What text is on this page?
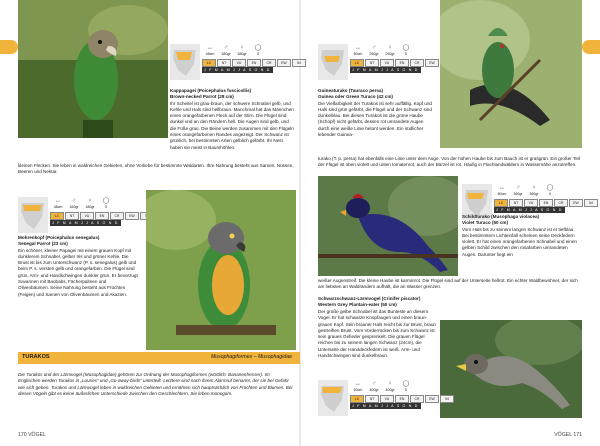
↔
48cm
♂
380gr
♀
380gr
◯
0
LC	NT	VU	EN	CR	EW	54
J F M A M J J A S O N D

Kappapagei (Poicephalus fuscicollis)

Brown-necked Parrot (28 cm)

Ihr Scheitel ist grau-braun, der schwere Schnabel gelb, und Kehle und Hals sind hellbraun. Manchmal hat das Männchen einen orangefarbenen Fleck auf der Stirn. Die Flügel sind dunkel und an den Rändern hell. Die Augen sind gelb, und die Füße grau. Die Beine werden zusammen mit den Flügeln eines orangefarbenen Randes angezeigt. Der Schwanz ist grünlich, bei bestimmten Arten gelblich gefärbt. Ihr Nest haben sie meist in Baumhöhlen.

kleinen Flecken. Sie leben in waldreichen Gebieten, ohne Vorliebe für bestimmte Waldarten. Ihre Nahrung besteht aus Samen, Nüssen, Beeren und Nektar.

↔
38cm
♂
160gr
♀
180gr
◯
0
LC	NT	VU	EN	CR	EW
J F M A M J J A S O N D

Mohrenkopf (Poicephalus senegalus)

Senegal Parrot (23 cm)

Ein schöner, kleiner Papagei mit einem grauen Kopf mit dunklerem Schnabel, gelber Iris und grüner Kehle. Die Brust ist bis zum Unterschwanz (P. s. senegalus) gelb und beim P. s. versteri gelb und orangefarben. Die Flügel sind grün, Arm- und Handschwingen dunkler grün. Er bevorzugt Savannen mit Baobabs, Fächerpalmen und Olivenbäumen. Seine Nahrung besteht aus Früchten (Feigen) und Samen von Olivenbäumen und Akazien.

TURAKOS	Musophagiformes – Musophagidae
Die Turakos und der Lärmvogel (Musophagidae) gehören zur Ordnung der Musophagiformes (wörtlich: Bananenfresser). Im Englischen werden Turakos in „Louries“ und „Go-away-birds“ unterteilt. Letztere sind nach ihrem Alarmruf benannt, der sie bei Gefahr wie sich geben. Turakos und Lärmvogel leben in waldreichen Gebieten und ernähren sich hauptsächlich von Früchten und Blumen. Bei diesen Vögeln gibt es keine äußerlichen Unterschiede zwischen den Geschlechtern. Sie leben monogam.
170 VÖGEL
↔
80cm
♂
250gr
♀
290gr
◯
0
LC	NT	VU	EN	CR	EW
J F M A M J J A S O N D

Guineaturako (Tauraco persa)

Guinea oder Green Turaco (42 cm)

Die Vielfarbigkeit der Turakos ist sehr auffällig. Kopf und Hals sind grün gefärbt, die Flügel und der Schwanz sind dunkelblau. Bei diesen Turakos ist die grüne Haube (Schopf) nicht gefärbt, dessen rot umrandete Augen durch eine weiße Linie betont werden. Ein südlicher lebender Guinea-

turako (T. p. persa) hat ebenfalls eine Linie unter dem Auge. Von der hohen Haube bis zum Bauch ist er grasgrün. Ein großer Teil der Flügel ist oben violett und unten tomatenrot, auch der Bürzel ist rot. Häufig in Flachlandwäldern in Wassernähe anzutreffen.

↔
80cm
♂
360gr
♀
360gr
◯
0
LC	NT	VU	EN	CR	EW	54
J F M A M J J A S O N D

Schildturako (Musophaga violacea)

Violet Turaco (50 cm)

Vom Hals bis zu seinem langen Schwanz ist er tiefblau. Bei bestimmtem Lichteinfall scheinen seine Deckfedern violett. Er hat einen orangefarbenen Schnabel und einen gelben Schild zwischen den rosafarben umrandeten Augen. Darunter liegt ein

weißer Augenstreif. Die kleine Haube ist karminrot. Die Flügel sind auf der Unterseite hellrot. Ein echter Waldbewohner, der sich am liebsten an Waldrändern aufhält, die an Wasser grenzen.

Schwarzschwanz-Lärmvogel (Crinifer piscator)

Western Grey Plantain-eater (50 cm)

Der große gelbe Schnabel ist das Bunteste an diesem Vogel. Er hat schwarze Knopfaugen und einen braun-grauen Kopf. Sein brauner Hals reicht bis zur Brust, braun gestreiften Brust. Vom Vorderrücken bis zum Schwanz ist sein graues Gefieder gesprenkelt. Die grauen Flügel reichen bis zu seinem langen Schwanz (24cm), die Unterseite der Handdeckfedern ist weiß. Arm- und Handschwingen sind dunkelbraun.

↔
50cm
♂
400gr
♀
400gr
◯
0
LC	NT	VU	EN	CR	EW	54
J F M A M J J A S O N D
VÖGEL 171
